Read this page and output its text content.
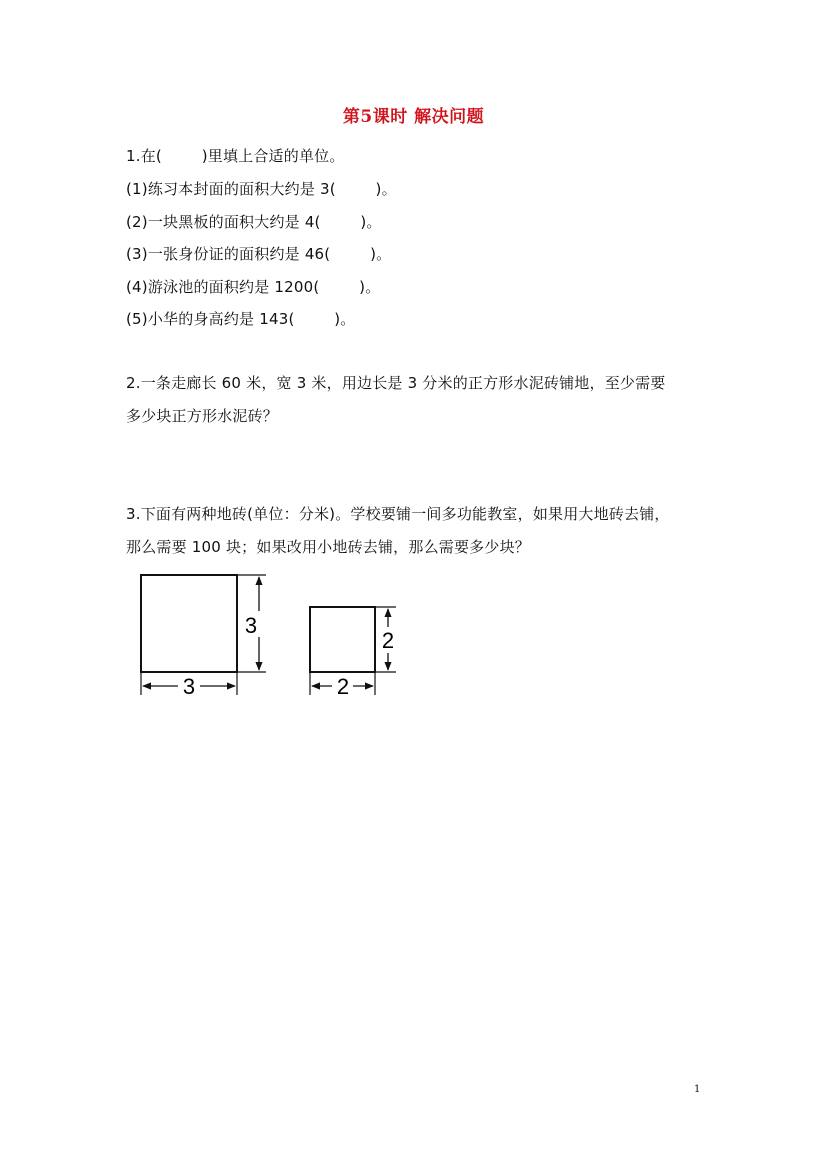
第5课时 解决问题
1.在(        )里填上合适的单位。
(1)练习本封面的面积大约是 3(        )。
(2)一块黑板的面积大约是 4(        )。
(3)一张身份证的面积约是 46(        )。
(4)游泳池的面积约是 1200(        )。
(5)小华的身高约是 143(        )。
2.一条走廊长 60 米，宽 3 米，用边长是 3 分米的正方形水泥砖铺地，至少需要
多少块正方形水泥砖？
3.下面有两种地砖(单位：分米)。学校要铺一间多功能教室，如果用大地砖去铺，
那么需要 100 块；如果改用小地砖去铺，那么需要多少块？
3
3
2
2
1
